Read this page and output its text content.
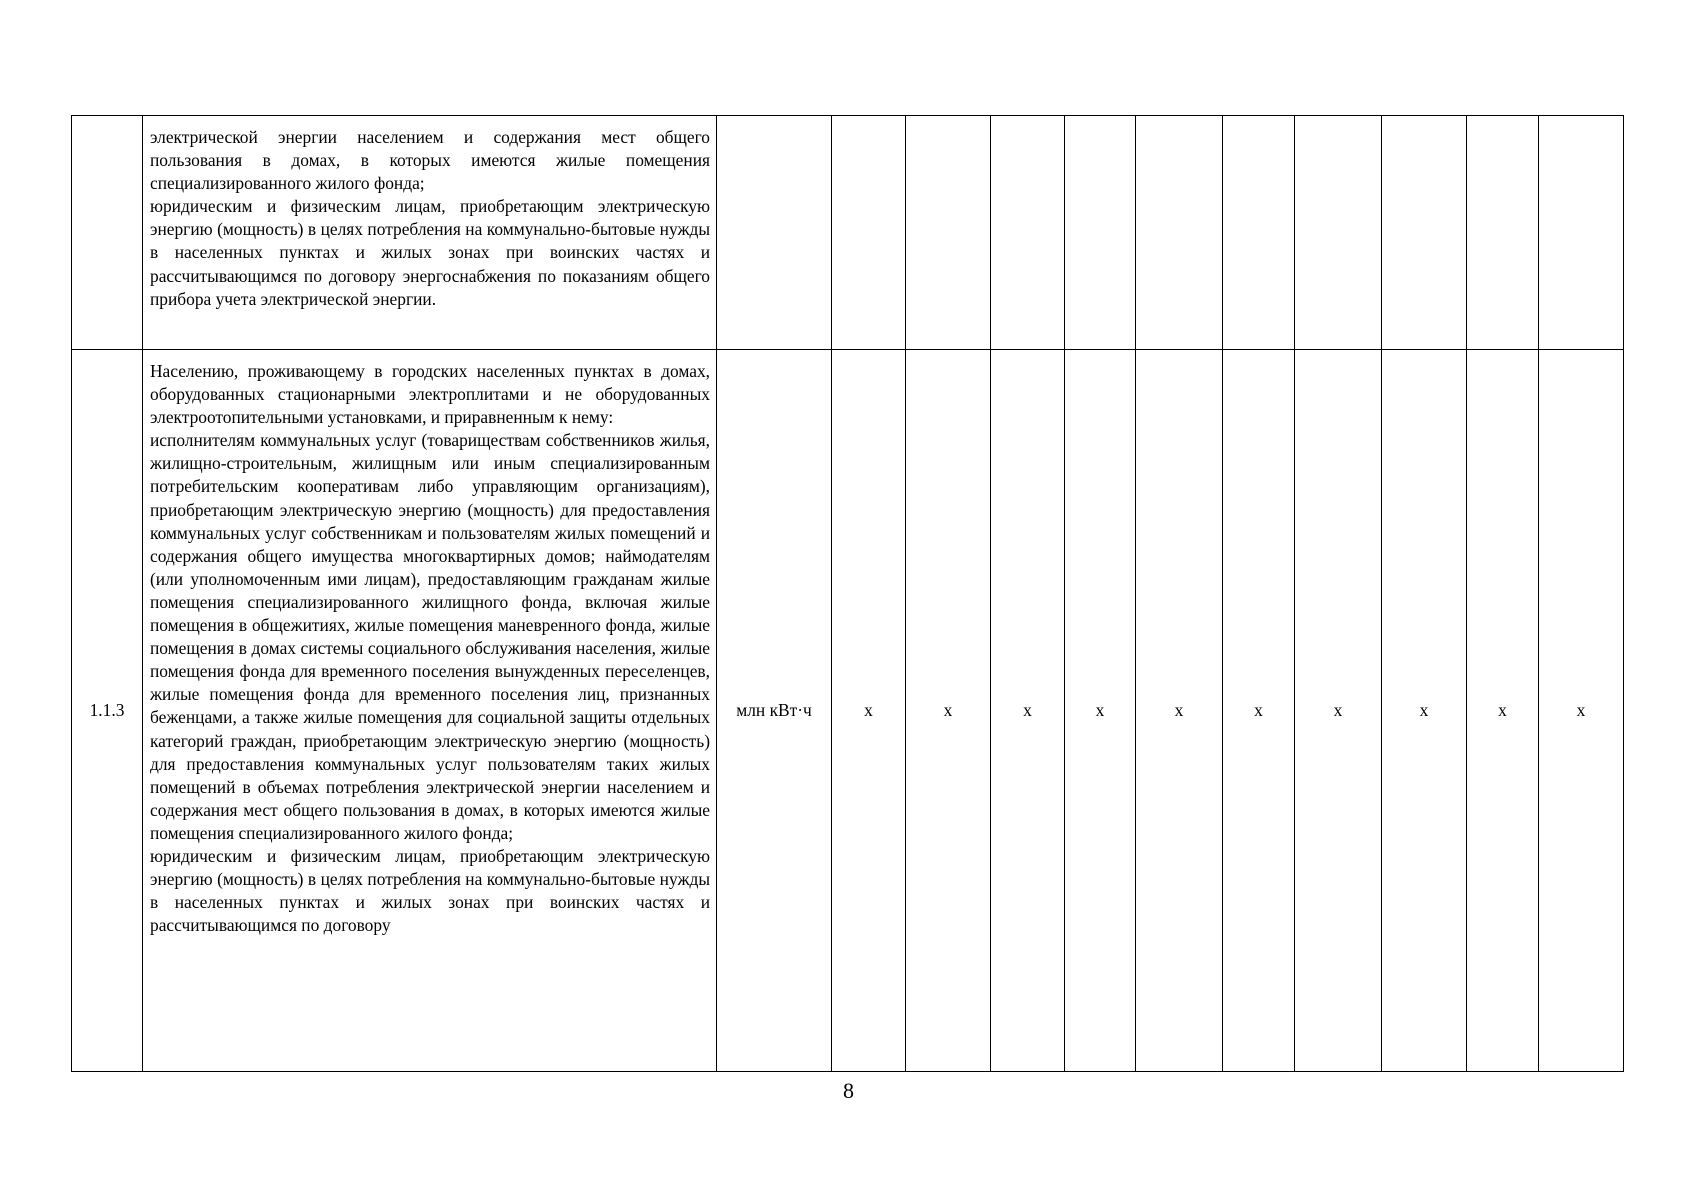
	электрической энергии населением и содержания мест общего пользования в домах, в которых имеются жилые помещения специализированного жилого фонда;
юридическим и физическим лицам, приобретающим электрическую энергию (мощность) в целях потребления на коммунально-бытовые нужды в населенных пунктах и жилых зонах при воинских частях и рассчитывающимся по договору энергоснабжения по показаниям общего прибора учета электрической энергии.											

1.1.3	Населению, проживающему в городских населенных пунктах в домах, оборудованных стационарными электроплитами и не оборудованных электроотопительными установками, и приравненным к нему:
исполнителям коммунальных услуг (товариществам собственников жилья, жилищно-строительным, жилищным или иным специализированным потребительским кооперативам либо управляющим организациям), приобретающим электрическую энергию (мощность) для предоставления коммунальных услуг собственникам и пользователям жилых помещений и содержания общего имущества многоквартирных домов; наймодателям (или уполномоченным ими лицам), предоставляющим гражданам жилые помещения специализированного жилищного фонда, включая жилые помещения в общежитиях, жилые помещения маневренного фонда, жилые помещения в домах системы социального обслуживания населения, жилые помещения фонда для временного поселения вынужденных переселенцев, жилые помещения фонда для временного поселения лиц, признанных беженцами, а также жилые помещения для социальной защиты отдельных категорий граждан, приобретающим электрическую энергию (мощность) для предоставления коммунальных услуг пользователям таких жилых помещений в объемах потребления электрической энергии населением и содержания мест общего пользования в домах, в которых имеются жилые помещения специализированного жилого фонда;
юридическим и физическим лицам, приобретающим электрическую энергию (мощность) в целях потребления на коммунально-бытовые нужды в населенных пунктах и жилых зонах при воинских частях и рассчитывающимся по договору	млн кВт·ч	х	х	х	х	х	х	х	х	х	х
8
